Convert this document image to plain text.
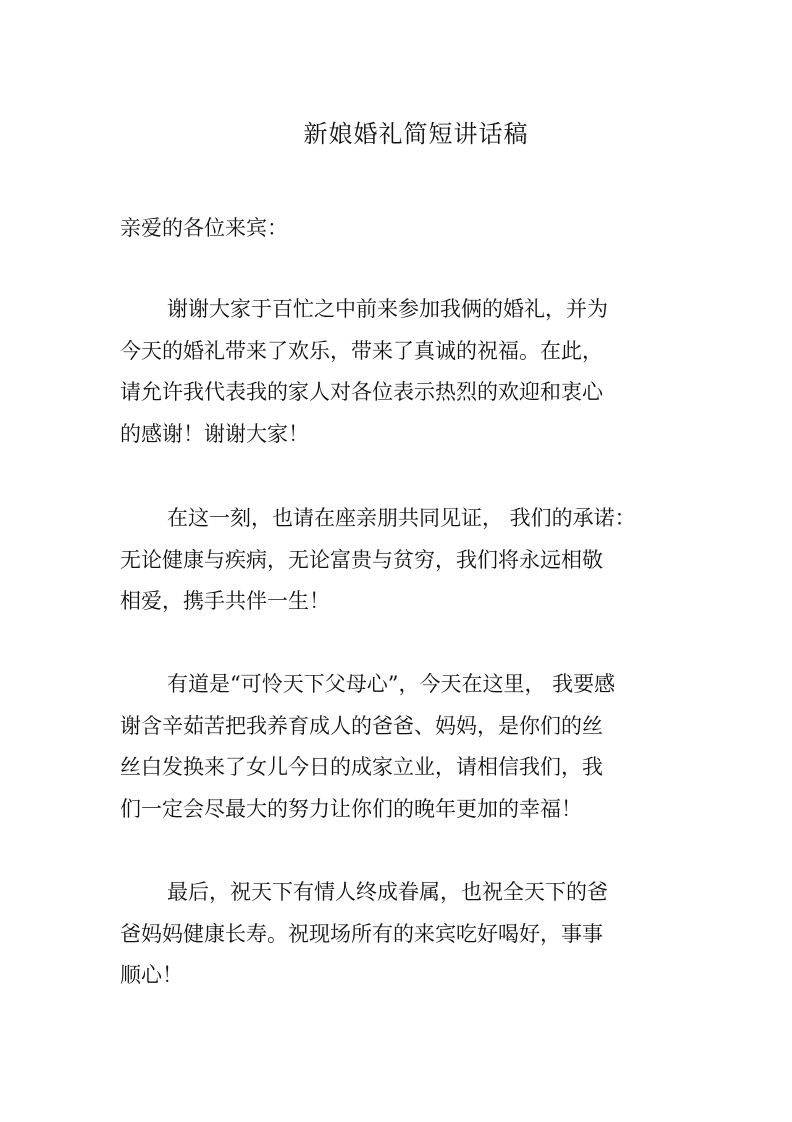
新娘婚礼简短讲话稿
亲爱的各位来宾：
谢谢大家于百忙之中前来参加我俩的婚礼，并为
今天的婚礼带来了欢乐，带来了真诚的祝福。在此，
请允许我代表我的家人对各位表示热烈的欢迎和衷心
的感谢！谢谢大家！
在这一刻，也请在座亲朋共同见证， 我们的承诺：
无论健康与疾病，无论富贵与贫穷，我们将永远相敬
相爱，携手共伴一生！
有道是“可怜天下父母心”，今天在这里， 我要感
谢含辛茹苦把我养育成人的爸爸、妈妈，是你们的丝
丝白发换来了女儿今日的成家立业，请相信我们，我
们一定会尽最大的努力让你们的晚年更加的幸福！
最后，祝天下有情人终成眷属，也祝全天下的爸
爸妈妈健康长寿。祝现场所有的来宾吃好喝好，事事
顺心！
